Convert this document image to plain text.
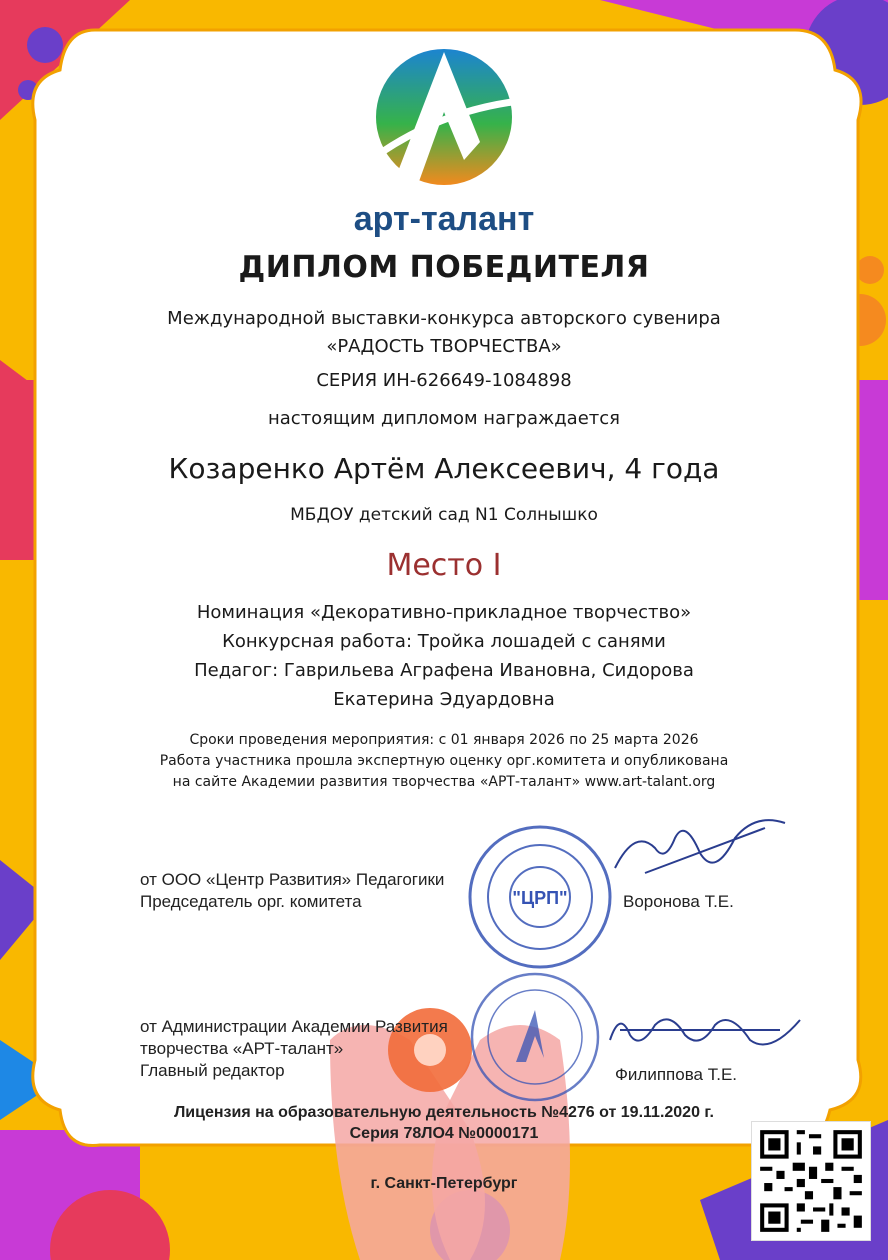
арт-талант
ДИПЛОМ ПОБЕДИТЕЛЯ
Международной выставки-конкурса авторского сувенира
«РАДОСТЬ ТВОРЧЕСТВА»
СЕРИЯ ИН-626649-1084898
настоящим дипломом награждается
Козаренко Артём Алексеевич, 4 года
МБДОУ детский сад N1 Солнышко
Место I
Номинация «Декоративно-прикладное творчество»
Конкурсная работа: Тройка лошадей с санями
Педагог: Гаврильева Аграфена Ивановна, Сидорова
Екатерина Эдуардовна
Сроки проведения мероприятия: с 01 января 2026 по 25 марта 2026
Работа участника прошла экспертную оценку орг.комитета и опубликована
на сайте Академии развития творчества «АРТ-талант» www.art-talant.org
"ЦРП"
от ООО «Центр Развития» Педагогики
Председатель орг. комитета	Воронова Т.Е.
от Администрации Академии Развития
творчества «АРТ-талант»
Главный редактор	Филиппова Т.Е.
Лицензия на образовательную деятельность №4276 от 19.11.2020 г.
Серия 78ЛО4 №0000171
г. Санкт-Петербург
